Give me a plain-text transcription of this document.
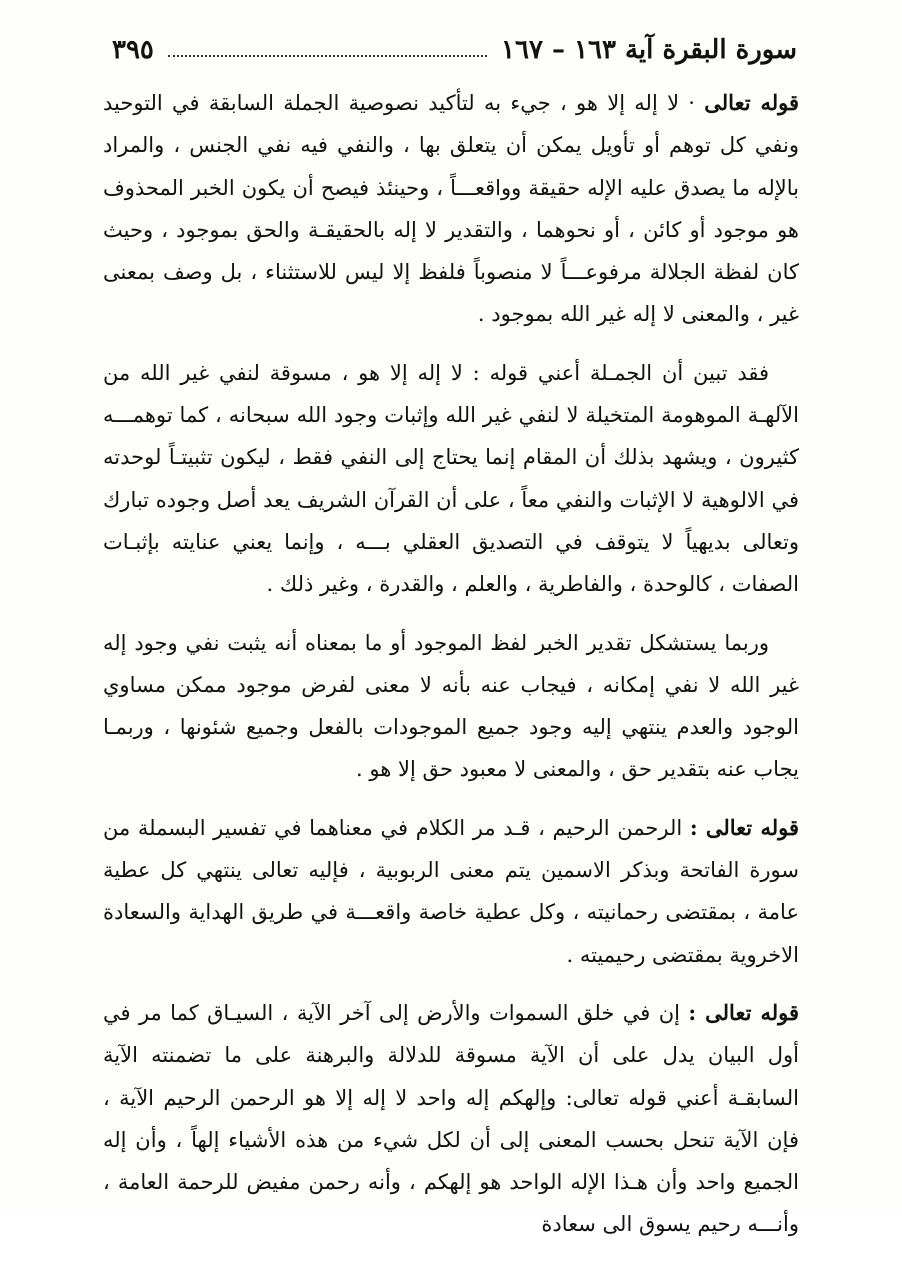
سورة البقرة آية ١٦٣ – ١٦٧
٣٩٥

قوله تعالى · لا إله إلا هو ، جيء به لتأكيد نصوصية الجملة السابقة في التوحيد ونفي كل توهم أو تأويل يمكن أن يتعلق بها ، والنفي فيه نفي الجنس ، والمراد بالإله ما يصدق عليه الإله حقيقة وواقعـــاً ، وحينئذ فيصح أن يكون الخبر المحذوف هو موجود أو كائن ، أو نحوهما ، والتقدير لا إله بالحقيقـة والحق بموجود ، وحيث كان لفظة الجلالة مرفوعـــاً لا منصوباً فلفظ إلا ليس للاستثناء ، بل وصف بمعنى غير ، والمعنى لا إله غير الله بموجود .

فقد تبين أن الجمـلة أعني قوله : لا إله إلا هو ، مسوقة لنفي غير الله من الآلهـة الموهومة المتخيلة لا لنفي غير الله وإثبات وجود الله سبحانه ، كما توهمـــه كثيرون ، ويشهد بذلك أن المقام إنما يحتاج إلى النفي فقط ، ليكون تثبيتـاً لوحدته في الالوهية لا الإثبات والنفي معاً ، على أن القرآن الشريف يعد أصل وجوده تبارك وتعالى بديهياً لا يتوقف في التصديق العقلي بـــه ، وإنما يعني عنايته بإثبـات الصفات ، كالوحدة ، والفاطرية ، والعلم ، والقدرة ، وغير ذلك .

وربما يستشكل تقدير الخبر لفظ الموجود أو ما بمعناه أنه يثبت نفي وجود إله غير الله لا نفي إمكانه ، فيجاب عنه بأنه لا معنى لفرض موجود ممكن مساوي الوجود والعدم ينتهي إليه وجود جميع الموجودات بالفعل وجميع شئونها ، وربمـا يجاب عنه بتقدير حق ، والمعنى لا معبود حق إلا هو .

قوله تعالى : الرحمن الرحيم ، قـد مر الكلام في معناهما في تفسير البسملة من سورة الفاتحة وبذكر الاسمين يتم معنى الربوبية ، فإليه تعالى ينتهي كل عطية عامة ، بمقتضى رحمانيته ، وكل عطية خاصة واقعـــة في طريق الهداية والسعادة الاخروية بمقتضى رحيميته .

قوله تعالى : إن في خلق السموات والأرض إلى آخر الآية ، السيـاق كما مر في أول البيان يدل على أن الآية مسوقة للدلالة والبرهنة على ما تضمنته الآية السابقـة أعني قوله تعالى: وإلهكم إله واحد لا إله إلا هو الرحمن الرحيم الآية ، فإن الآية تنحل بحسب المعنى إلى أن لكل شيء من هذه الأشياء إلهاً ، وأن إله الجميع واحد وأن هـذا الإله الواحد هو إلهكم ، وأنه رحمن مفيض للرحمة العامة ، وأنـــه رحيم يسوق الى سعادة
